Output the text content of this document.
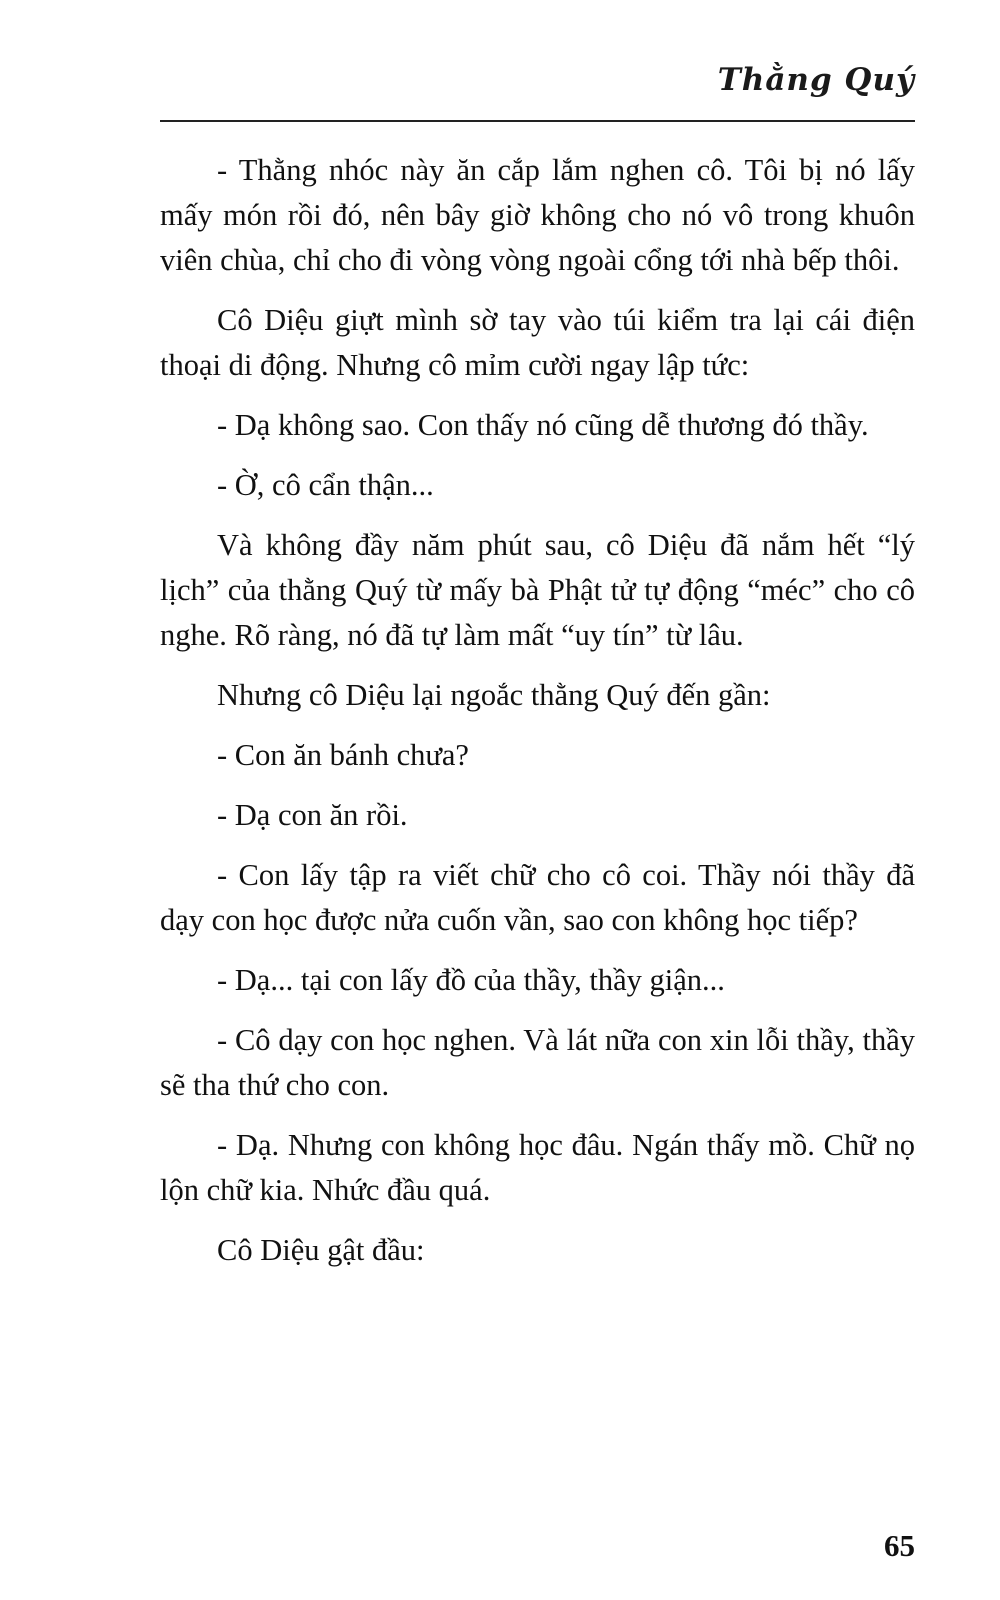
Thằng Quý

- Thằng nhóc này ăn cắp lắm nghen cô. Tôi bị nó lấy mấy món rồi đó, nên bây giờ không cho nó vô trong khuôn viên chùa, chỉ cho đi vòng vòng ngoài cổng tới nhà bếp thôi.

Cô Diệu giựt mình sờ tay vào túi kiểm tra lại cái điện thoại di động. Nhưng cô mỉm cười ngay lập tức:

- Dạ không sao. Con thấy nó cũng dễ thương đó thầy.

- Ờ, cô cẩn thận...

Và không đầy năm phút sau, cô Diệu đã nắm hết “lý lịch” của thằng Quý từ mấy bà Phật tử tự động “méc” cho cô nghe. Rõ ràng, nó đã tự làm mất “uy tín” từ lâu.

Nhưng cô Diệu lại ngoắc thằng Quý đến gần:

- Con ăn bánh chưa?

- Dạ con ăn rồi.

- Con lấy tập ra viết chữ cho cô coi. Thầy nói thầy đã dạy con học được nửa cuốn vần, sao con không học tiếp?

- Dạ... tại con lấy đồ của thầy, thầy giận...

- Cô dạy con học nghen. Và lát nữa con xin lỗi thầy, thầy sẽ tha thứ cho con.

- Dạ. Nhưng con không học đâu. Ngán thấy mồ. Chữ nọ lộn chữ kia. Nhức đầu quá.

Cô Diệu gật đầu:

65
